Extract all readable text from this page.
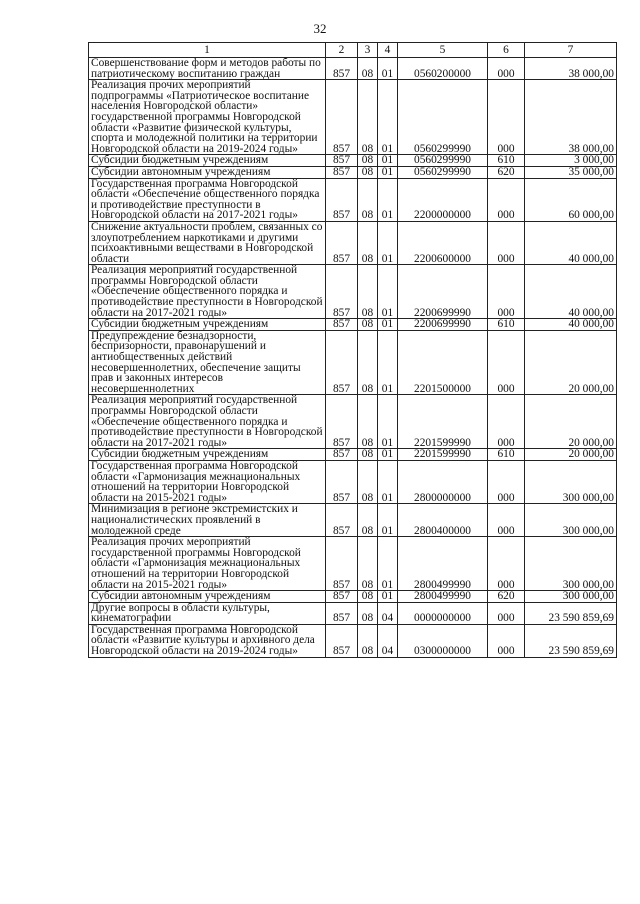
32
1	2	3	4	5	6	7
Совершенствование форм и методов работы по патриотическому воспитанию граждан	857	08	01	0560200000	000	38 000,00
Реализация прочих мероприятий подпрограммы «Патриотическое воспитание населения Новгородской области» государственной программы Новгородской области «Развитие физической культуры, спорта и молодежной политики на территории Новгородской области на 2019-2024 годы»	857	08	01	0560299990	000	38 000,00
Субсидии бюджетным учреждениям	857	08	01	0560299990	610	3 000,00
Субсидии автономным учреждениям	857	08	01	0560299990	620	35 000,00
Государственная программа Новгородской области «Обеспечение общественного порядка и противодействие преступности в Новгородской области на 2017-2021 годы»	857	08	01	2200000000	000	60 000,00
Снижение актуальности проблем, связанных со злоупотреблением наркотиками и другими психоактивными веществами в Новгородской области	857	08	01	2200600000	000	40 000,00
Реализация мероприятий государственной программы Новгородской области «Обеспечение общественного порядка и противодействие преступности в Новгородской области на 2017-2021 годы»	857	08	01	2200699990	000	40 000,00
Субсидии бюджетным учреждениям	857	08	01	2200699990	610	40 000,00
Предупреждение безнадзорности, беспризорности, правонарушений и антиобщественных действий несовершеннолетних, обеспечение защиты прав и законных интересов несовершеннолетних	857	08	01	2201500000	000	20 000,00
Реализация мероприятий государственной программы Новгородской области «Обеспечение общественного порядка и противодействие преступности в Новгородской области на 2017-2021 годы»	857	08	01	2201599990	000	20 000,00
Субсидии бюджетным учреждениям	857	08	01	2201599990	610	20 000,00
Государственная программа Новгородской области «Гармонизация межнациональных отношений на территории Новгородской области на 2015-2021 годы»	857	08	01	2800000000	000	300 000,00
Минимизация в регионе экстремистских и националистических проявлений в молодежной среде	857	08	01	2800400000	000	300 000,00
Реализация прочих мероприятий государственной программы Новгородской области «Гармонизация межнациональных отношений на территории Новгородской области на 2015-2021 годы»	857	08	01	2800499990	000	300 000,00
Субсидии автономным учреждениям	857	08	01	2800499990	620	300 000,00
Другие вопросы в области культуры, кинематографии	857	08	04	0000000000	000	23 590 859,69
Государственная программа Новгородской области «Развитие культуры и архивного дела Новгородской области на 2019-2024 годы»	857	08	04	0300000000	000	23 590 859,69
